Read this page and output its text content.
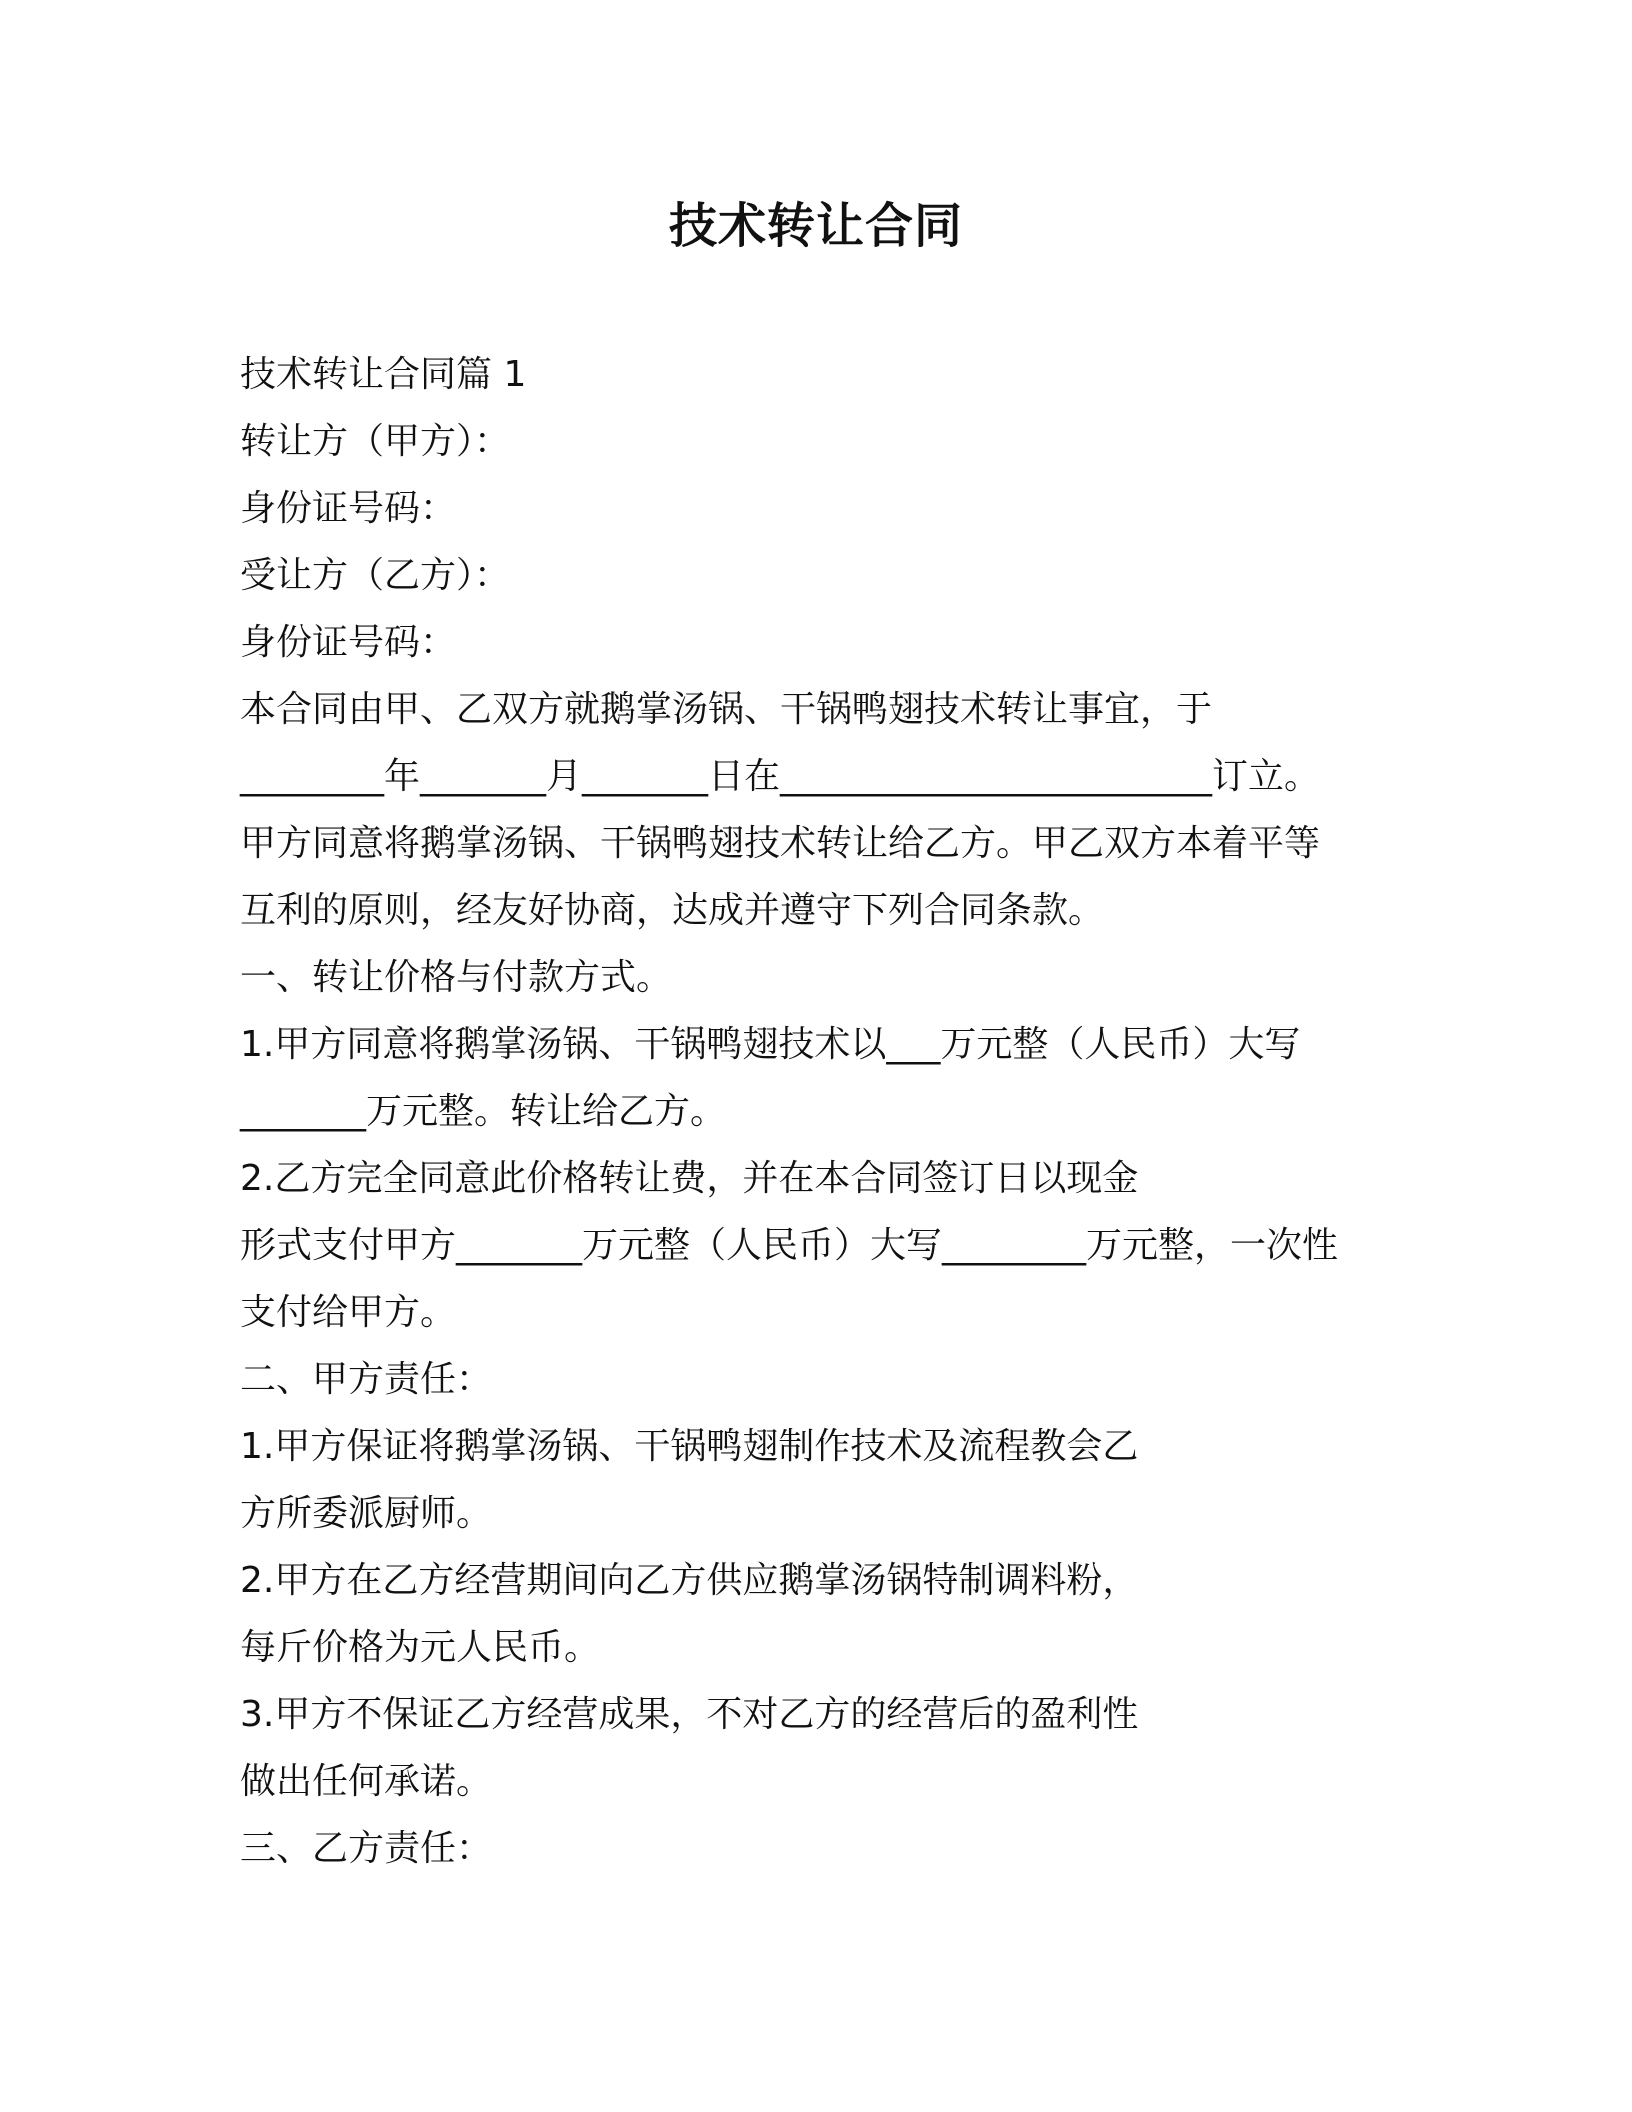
技术转让合同
技术转让合同篇 1
转让方（甲方）：
身份证号码：
受让方（乙方）：
身份证号码：
本合同由甲、乙双方就鹅掌汤锅、干锅鸭翅技术转让事宜，于
________年_______月_______日在________________________订立。
甲方同意将鹅掌汤锅、干锅鸭翅技术转让给乙方。甲乙双方本着平等
互利的原则，经友好协商，达成并遵守下列合同条款。
一、转让价格与付款方式。
1.甲方同意将鹅掌汤锅、干锅鸭翅技术以___万元整（人民币）大写
_______万元整。转让给乙方。
2.乙方完全同意此价格转让费，并在本合同签订日以现金
形式支付甲方_______万元整（人民币）大写________万元整，一次性
支付给甲方。
二、甲方责任：
1.甲方保证将鹅掌汤锅、干锅鸭翅制作技术及流程教会乙
方所委派厨师。
2.甲方在乙方经营期间向乙方供应鹅掌汤锅特制调料粉，
每斤价格为元人民币。
3.甲方不保证乙方经营成果，不对乙方的经营后的盈利性
做出任何承诺。
三、乙方责任：
